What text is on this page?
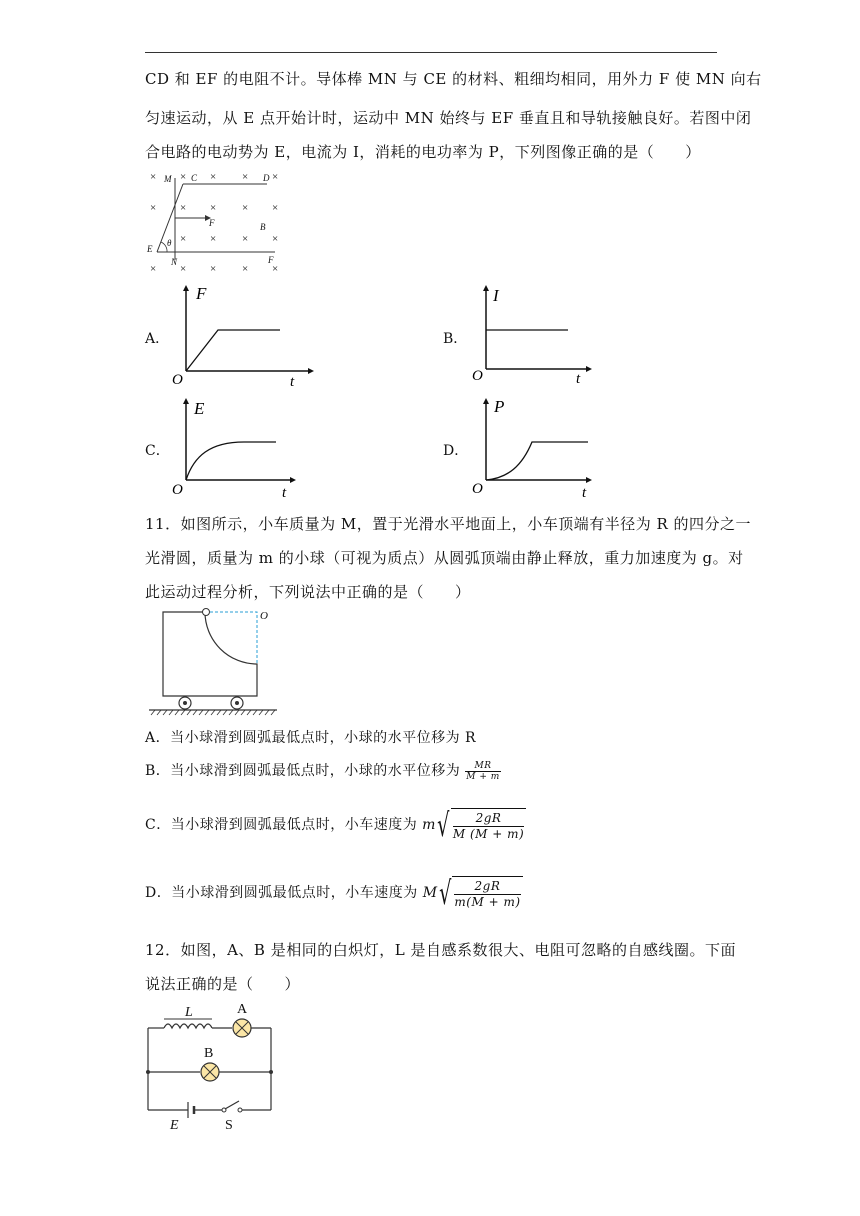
CD 和 EF 的电阻不计。导体棒 MN 与 CE 的材料、粗细均相同，用外力 F 使 MN 向右
匀速运动，从 E 点开始计时，运动中 MN 始终与 EF 垂直且和导轨接触良好。若图中闭
合电路的电动势为 E，电流为 I，消耗的电功率为 P，下列图像正确的是（　　）
× × × × ×
× × × × ×
× × × ×
× × × × ×
M C	D
F	B
E
θ
N	F
A．
F
O	t
B．
I
O	t
C．
E
O	t
D．
P
O	t
11．如图所示，小车质量为 M，置于光滑水平地面上，小车顶端有半径为 R 的四分之一
光滑圆，质量为 m 的小球（可视为质点）从圆弧顶端由静止释放，重力加速度为 g。对
此运动过程分析，下列说法中正确的是（　　）
O
A．当小球滑到圆弧最低点时，小球的水平位移为 R
B．当小球滑到圆弧最低点时，小球的水平位移为 $\frac{MR}{M + m}$
C．当小球滑到圆弧最低点时，小车速度为 m √ $\frac{2gR}{M (M + m)}$
D．当小球滑到圆弧最低点时，小车速度为 M √ $\frac{2gR}{m(M + m)}$
12．如图，A、B 是相同的白炽灯，L 是自感系数很大、电阻可忽略的自感线圈。下面
说法正确的是（　　）
L	A
B
E	S
